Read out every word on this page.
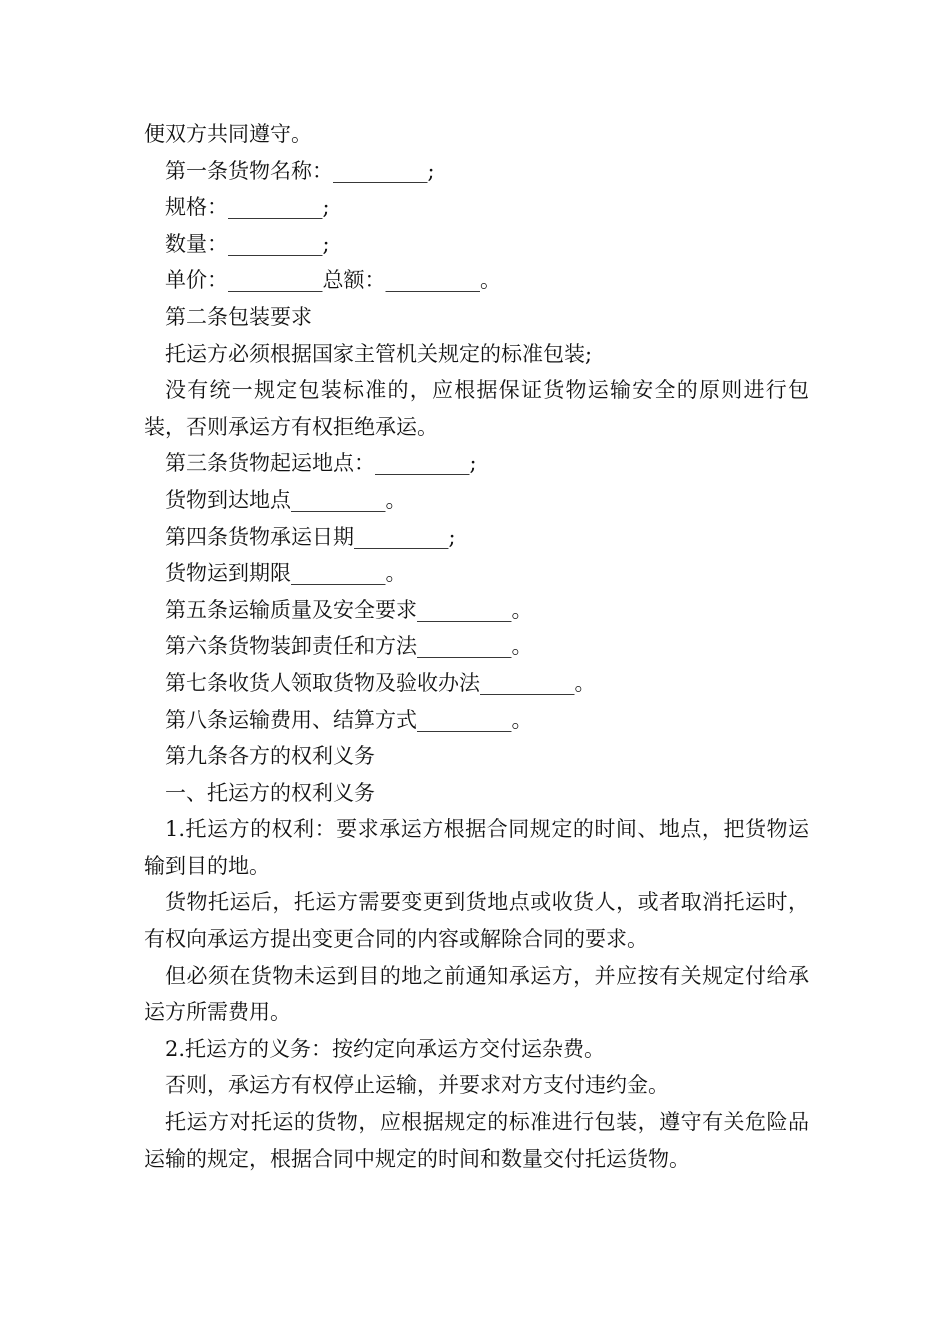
便双方共同遵守。

第一条货物名称：_________;

规格：_________;

数量：_________;

单价：_________总额：_________。

第二条包装要求

托运方必须根据国家主管机关规定的标准包装;

没有统一规定包装标准的，应根据保证货物运输安全的原则进行包装，否则承运方有权拒绝承运。

第三条货物起运地点：_________;

货物到达地点_________。

第四条货物承运日期_________;

货物运到期限_________。

第五条运输质量及安全要求_________。

第六条货物装卸责任和方法_________。

第七条收货人领取货物及验收办法_________。

第八条运输费用、结算方式_________。

第九条各方的权利义务

一、托运方的权利义务

1.托运方的权利：要求承运方根据合同规定的时间、地点，把货物运输到目的地。

货物托运后，托运方需要变更到货地点或收货人，或者取消托运时，有权向承运方提出变更合同的内容或解除合同的要求。

但必须在货物未运到目的地之前通知承运方，并应按有关规定付给承运方所需费用。

2.托运方的义务：按约定向承运方交付运杂费。

否则，承运方有权停止运输，并要求对方支付违约金。

托运方对托运的货物，应根据规定的标准进行包装，遵守有关危险品运输的规定，根据合同中规定的时间和数量交付托运货物。
